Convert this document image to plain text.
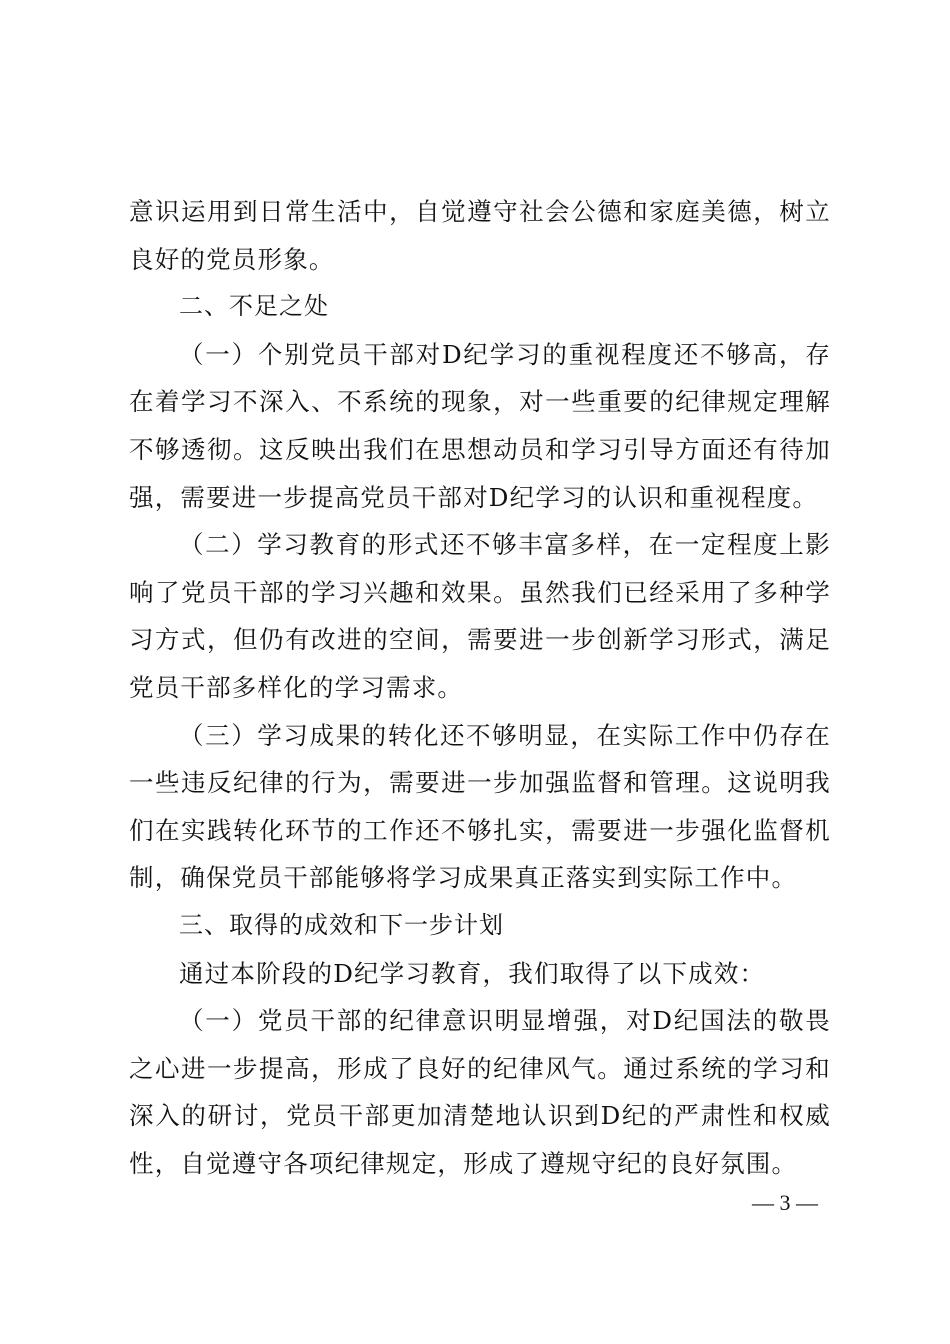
意识运用到日常生活中，自觉遵守社会公德和家庭美德，树立良好的党员形象。

二、不足之处

（一）个别党员干部对D纪学习的重视程度还不够高，存在着学习不深入、不系统的现象，对一些重要的纪律规定理解不够透彻。这反映出我们在思想动员和学习引导方面还有待加强，需要进一步提高党员干部对D纪学习的认识和重视程度。

（二）学习教育的形式还不够丰富多样，在一定程度上影响了党员干部的学习兴趣和效果。虽然我们已经采用了多种学习方式，但仍有改进的空间，需要进一步创新学习形式，满足党员干部多样化的学习需求。

（三）学习成果的转化还不够明显，在实际工作中仍存在一些违反纪律的行为，需要进一步加强监督和管理。这说明我们在实践转化环节的工作还不够扎实，需要进一步强化监督机制，确保党员干部能够将学习成果真正落实到实际工作中。

三、取得的成效和下一步计划

通过本阶段的D纪学习教育，我们取得了以下成效：

（一）党员干部的纪律意识明显增强，对D纪国法的敬畏之心进一步提高，形成了良好的纪律风气。通过系统的学习和深入的研讨，党员干部更加清楚地认识到D纪的严肃性和权威性，自觉遵守各项纪律规定，形成了遵规守纪的良好氛围。

— 3 —
